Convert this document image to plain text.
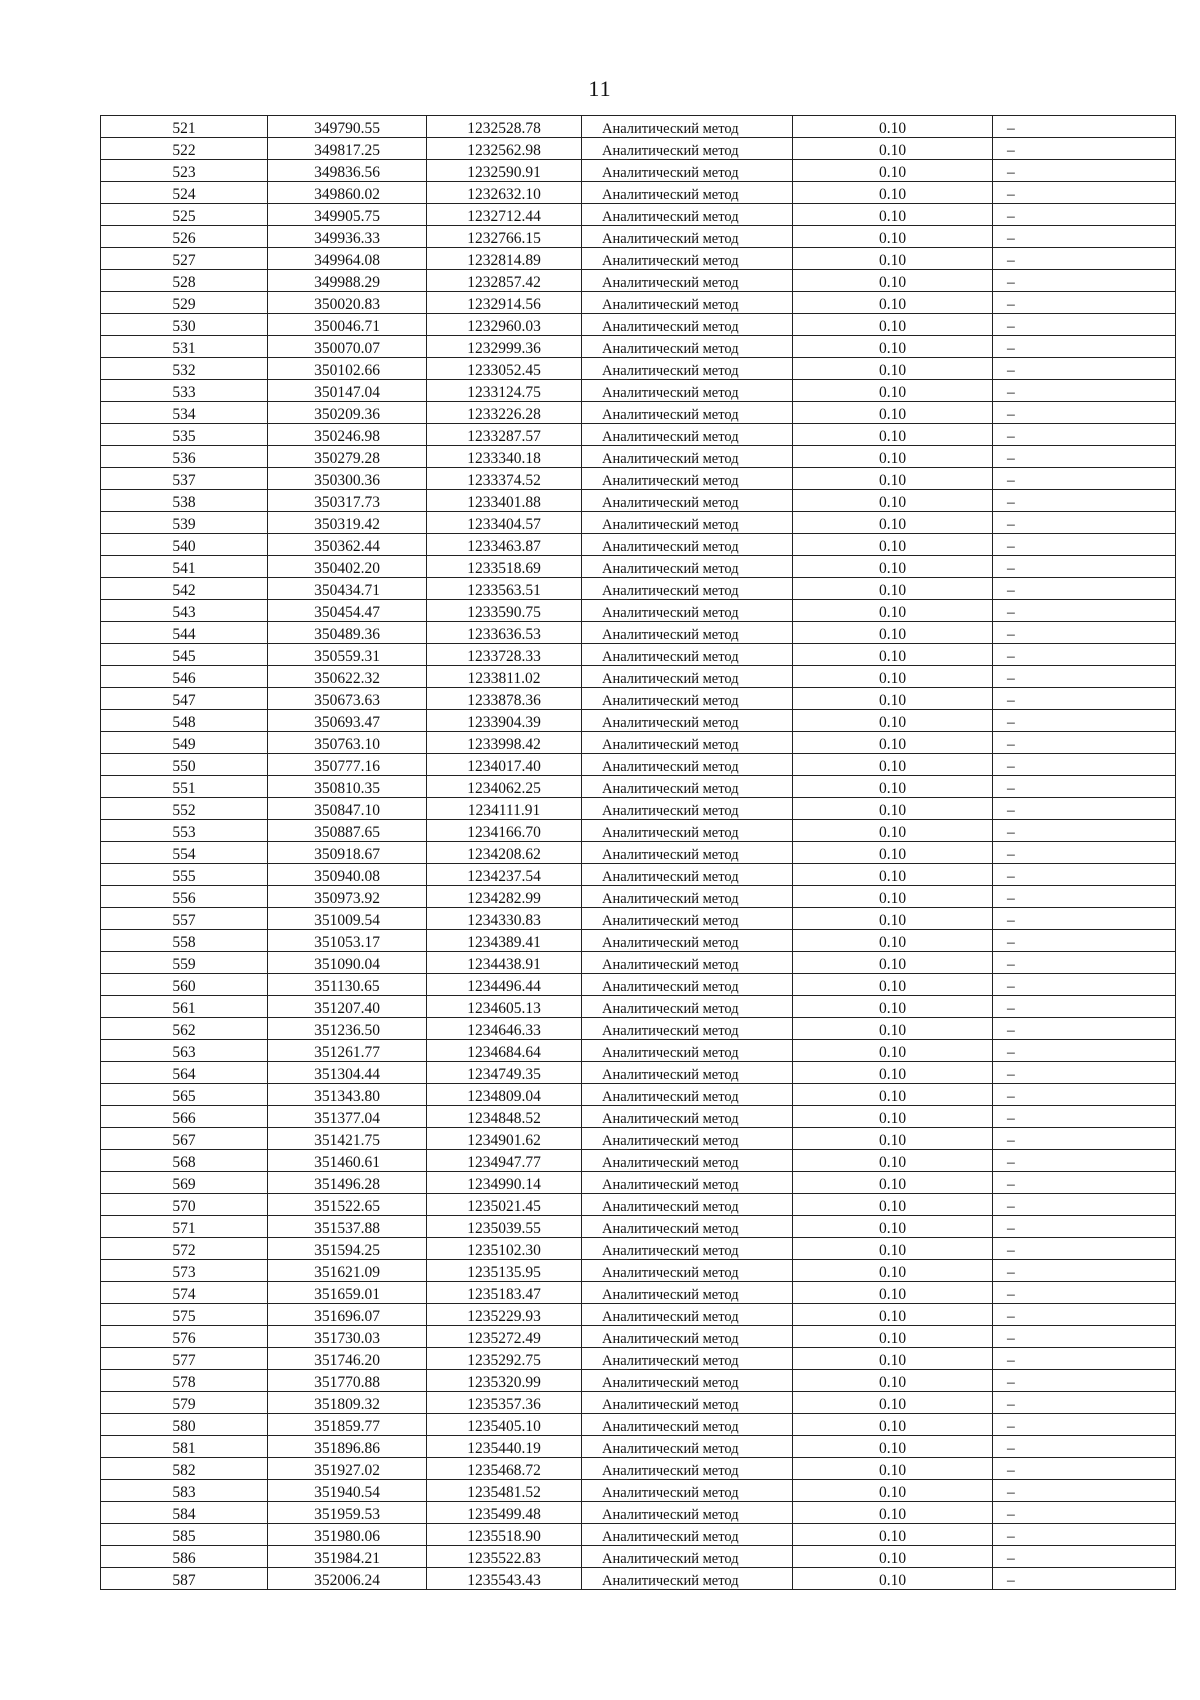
11
521	349790.55	1232528.78	Аналитический метод	0.10	–
522	349817.25	1232562.98	Аналитический метод	0.10	–
523	349836.56	1232590.91	Аналитический метод	0.10	–
524	349860.02	1232632.10	Аналитический метод	0.10	–
525	349905.75	1232712.44	Аналитический метод	0.10	–
526	349936.33	1232766.15	Аналитический метод	0.10	–
527	349964.08	1232814.89	Аналитический метод	0.10	–
528	349988.29	1232857.42	Аналитический метод	0.10	–
529	350020.83	1232914.56	Аналитический метод	0.10	–
530	350046.71	1232960.03	Аналитический метод	0.10	–
531	350070.07	1232999.36	Аналитический метод	0.10	–
532	350102.66	1233052.45	Аналитический метод	0.10	–
533	350147.04	1233124.75	Аналитический метод	0.10	–
534	350209.36	1233226.28	Аналитический метод	0.10	–
535	350246.98	1233287.57	Аналитический метод	0.10	–
536	350279.28	1233340.18	Аналитический метод	0.10	–
537	350300.36	1233374.52	Аналитический метод	0.10	–
538	350317.73	1233401.88	Аналитический метод	0.10	–
539	350319.42	1233404.57	Аналитический метод	0.10	–
540	350362.44	1233463.87	Аналитический метод	0.10	–
541	350402.20	1233518.69	Аналитический метод	0.10	–
542	350434.71	1233563.51	Аналитический метод	0.10	–
543	350454.47	1233590.75	Аналитический метод	0.10	–
544	350489.36	1233636.53	Аналитический метод	0.10	–
545	350559.31	1233728.33	Аналитический метод	0.10	–
546	350622.32	1233811.02	Аналитический метод	0.10	–
547	350673.63	1233878.36	Аналитический метод	0.10	–
548	350693.47	1233904.39	Аналитический метод	0.10	–
549	350763.10	1233998.42	Аналитический метод	0.10	–
550	350777.16	1234017.40	Аналитический метод	0.10	–
551	350810.35	1234062.25	Аналитический метод	0.10	–
552	350847.10	1234111.91	Аналитический метод	0.10	–
553	350887.65	1234166.70	Аналитический метод	0.10	–
554	350918.67	1234208.62	Аналитический метод	0.10	–
555	350940.08	1234237.54	Аналитический метод	0.10	–
556	350973.92	1234282.99	Аналитический метод	0.10	–
557	351009.54	1234330.83	Аналитический метод	0.10	–
558	351053.17	1234389.41	Аналитический метод	0.10	–
559	351090.04	1234438.91	Аналитический метод	0.10	–
560	351130.65	1234496.44	Аналитический метод	0.10	–
561	351207.40	1234605.13	Аналитический метод	0.10	–
562	351236.50	1234646.33	Аналитический метод	0.10	–
563	351261.77	1234684.64	Аналитический метод	0.10	–
564	351304.44	1234749.35	Аналитический метод	0.10	–
565	351343.80	1234809.04	Аналитический метод	0.10	–
566	351377.04	1234848.52	Аналитический метод	0.10	–
567	351421.75	1234901.62	Аналитический метод	0.10	–
568	351460.61	1234947.77	Аналитический метод	0.10	–
569	351496.28	1234990.14	Аналитический метод	0.10	–
570	351522.65	1235021.45	Аналитический метод	0.10	–
571	351537.88	1235039.55	Аналитический метод	0.10	–
572	351594.25	1235102.30	Аналитический метод	0.10	–
573	351621.09	1235135.95	Аналитический метод	0.10	–
574	351659.01	1235183.47	Аналитический метод	0.10	–
575	351696.07	1235229.93	Аналитический метод	0.10	–
576	351730.03	1235272.49	Аналитический метод	0.10	–
577	351746.20	1235292.75	Аналитический метод	0.10	–
578	351770.88	1235320.99	Аналитический метод	0.10	–
579	351809.32	1235357.36	Аналитический метод	0.10	–
580	351859.77	1235405.10	Аналитический метод	0.10	–
581	351896.86	1235440.19	Аналитический метод	0.10	–
582	351927.02	1235468.72	Аналитический метод	0.10	–
583	351940.54	1235481.52	Аналитический метод	0.10	–
584	351959.53	1235499.48	Аналитический метод	0.10	–
585	351980.06	1235518.90	Аналитический метод	0.10	–
586	351984.21	1235522.83	Аналитический метод	0.10	–
587	352006.24	1235543.43	Аналитический метод	0.10	–
